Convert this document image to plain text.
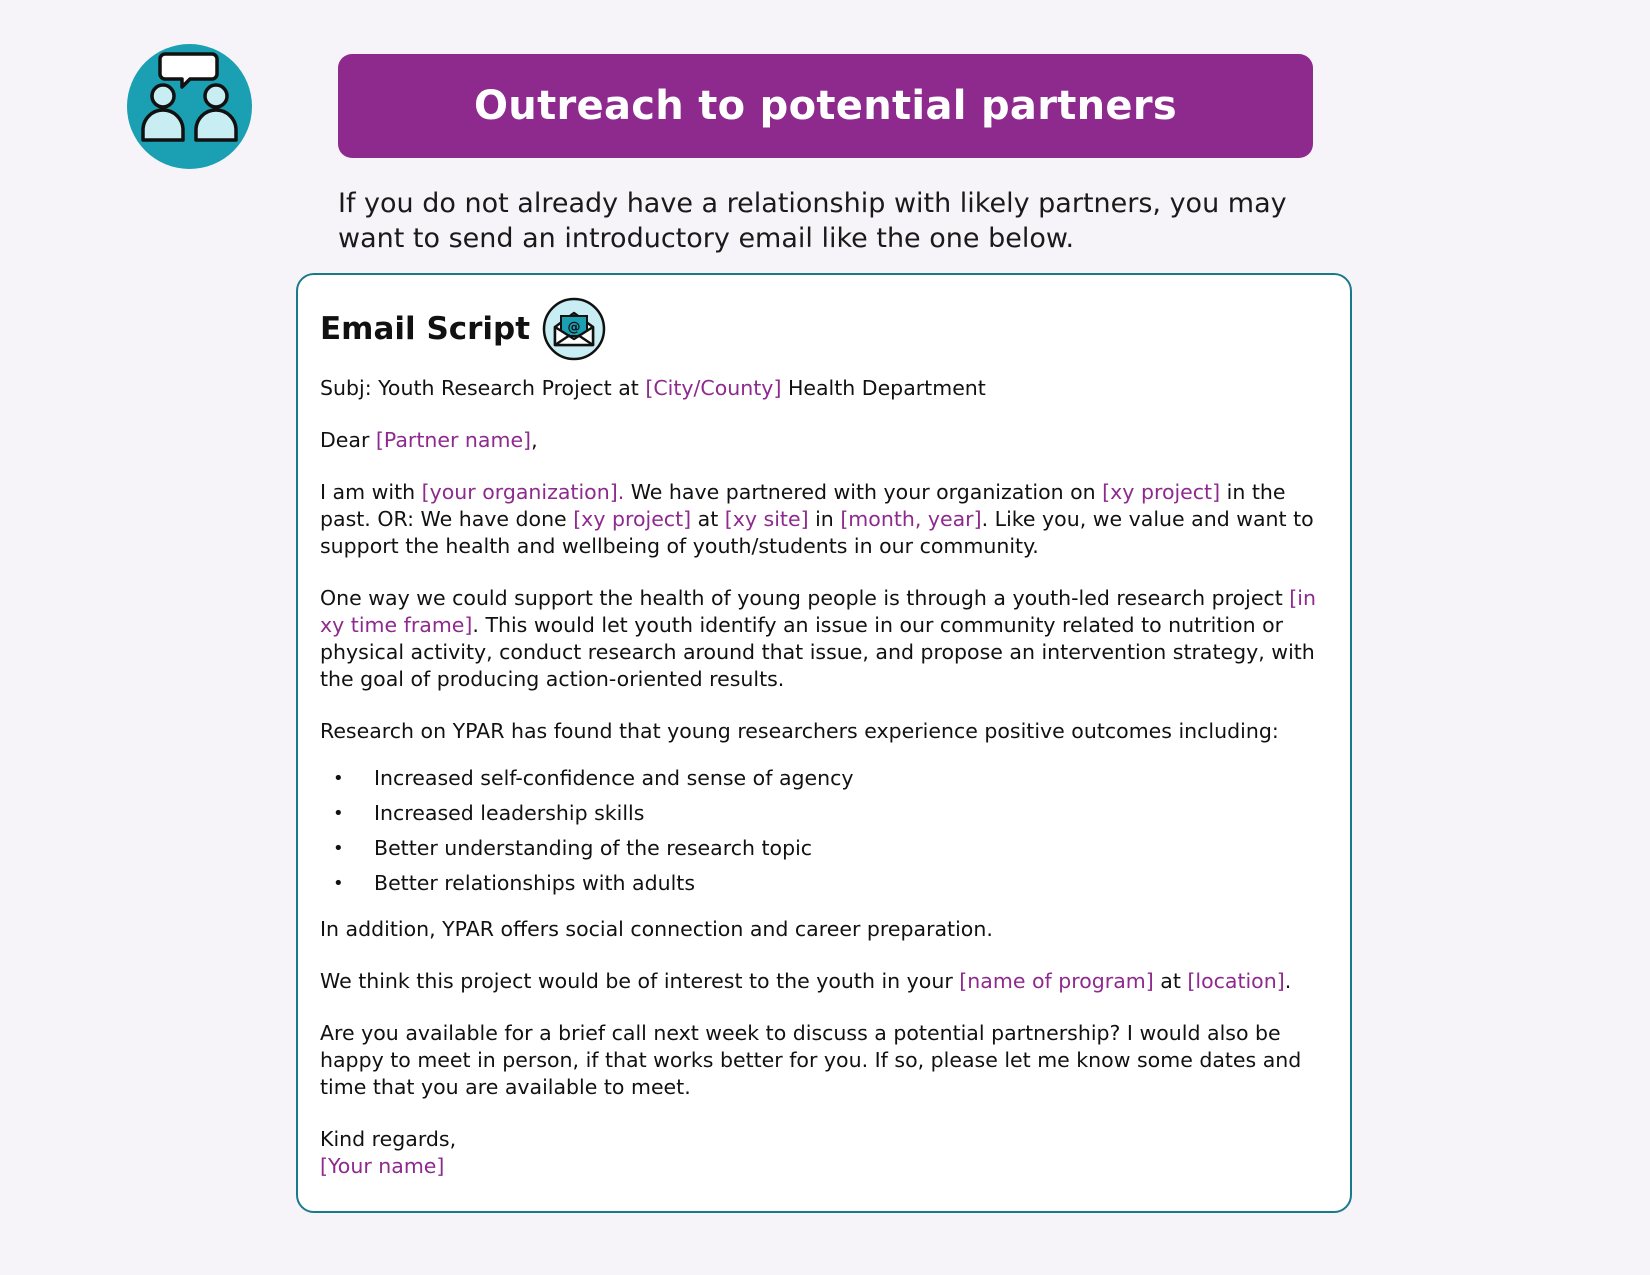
Outreach to potential partners

If you do not already have a relationship with likely partners, you may want to send an introductory email like the one below.

Email Script	@

Subj: Youth Research Project at [City/County] Health Department

Dear [Partner name],

I am with [your organization]. We have partnered with your organization on [xy project] in the past. OR: We have done [xy project] at [xy site] in [month, year]. Like you, we value and want to support the health and wellbeing of youth/students in our community.

One way we could support the health of young people is through a youth-led research project [in xy time frame]. This would let youth identify an issue in our community related to nutrition or physical activity, conduct research around that issue, and propose an intervention strategy, with the goal of producing action-oriented results.

Research on YPAR has found that young researchers experience positive outcomes including:

• Increased self-confidence and sense of agency
• Increased leadership skills
• Better understanding of the research topic
• Better relationships with adults

In addition, YPAR offers social connection and career preparation.

We think this project would be of interest to the youth in your [name of program] at [location].

Are you available for a brief call next week to discuss a potential partnership? I would also be happy to meet in person, if that works better for you. If so, please let me know some dates and time that you are available to meet.

Kind regards,
[Your name]
